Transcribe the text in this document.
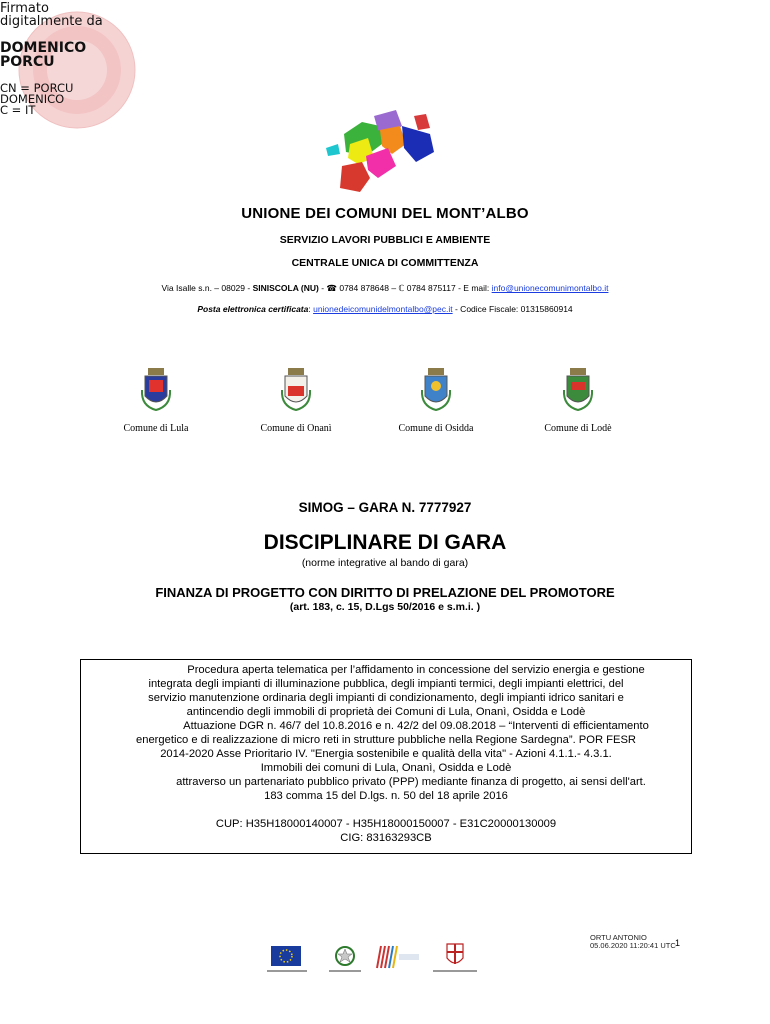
Firmato
digitalmente da
DOMENICO
PORCU
CN = PORCU
DOMENICO
C = IT
UNIONE DEI COMUNI DEL MONT’ALBO
SERVIZIO LAVORI PUBBLICI E AMBIENTE
CENTRALE UNICA DI COMMITTENZA
Via Isalle s.n. – 08029 - SINISCOLA (NU) - ☎ 0784 878648 – ℂ 0784 875117 - E mail: info@unionecomunimontalbo.it
Posta elettronica certificata: unionedeicomunidelmontalbo@pec.it - Codice Fiscale: 01315860914
Comune di Lula	Comune di Onanì	Comune di Osidda	Comune di Lodè
SIMOG – GARA N. 7777927
DISCIPLINARE DI GARA
(norme integrative al bando di gara)
FINANZA DI PROGETTO CON DIRITTO DI PRELAZIONE DEL PROMOTORE
(art. 183, c. 15, D.Lgs 50/2016 e s.m.i. )

Procedura aperta telematica per l’affidamento in concessione del servizio energia e gestione

integrata degli impianti di illuminazione pubblica, degli impianti termici, degli impianti elettrici, del

servizio manutenzione ordinaria degli impianti di condizionamento, degli impianti idrico sanitari e

antincendio degli immobili di proprietà dei Comuni di Lula, Onanì, Osidda e Lodè

Attuazione DGR n. 46/7 del 10.8.2016 e n. 42/2 del 09.08.2018 – “Interventi di efficientamento

energetico e di realizzazione di micro reti in strutture pubbliche nella Regione Sardegna”. POR FESR

2014-2020 Asse Prioritario IV. "Energia sostenibile e qualità della vita" - Azioni 4.1.1.- 4.3.1.

Immobili dei comuni di Lula, Onanì, Osidda e Lodè

attraverso un partenariato pubblico privato (PPP) mediante finanza di progetto, ai sensi dell'art.

183 comma 15 del D.lgs. n. 50 del 18 aprile 2016

CUP: H35H18000140007 - H35H18000150007 - E31C20000130009

CIG: 83163293CB

ORTU ANTONIO
05.06.2020 11:20:41 UTC 1
